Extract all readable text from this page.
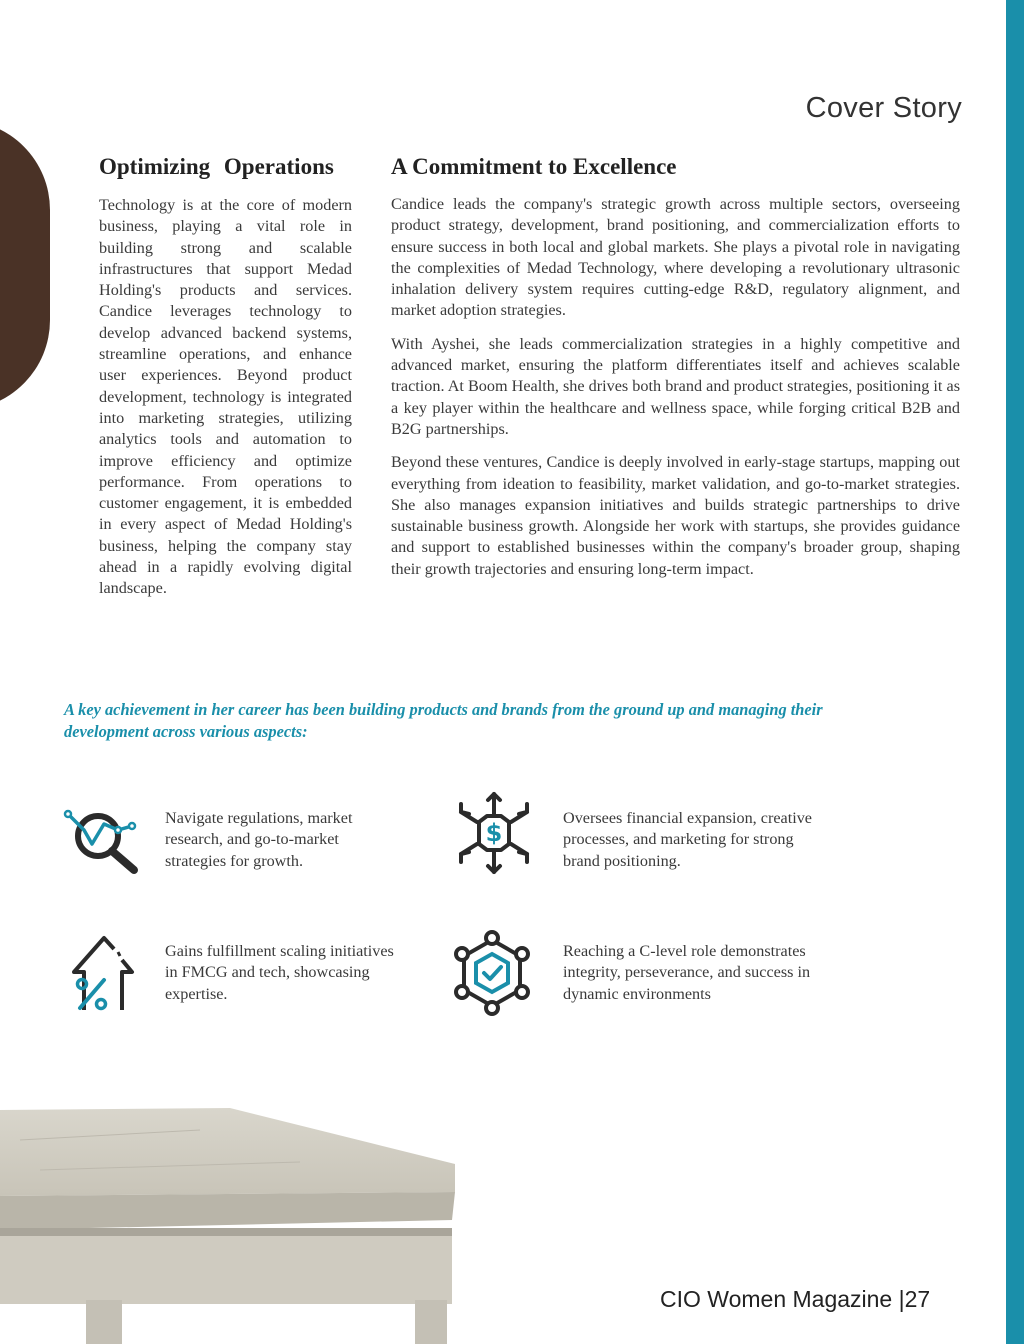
Cover Story
Optimizing Operations

Technology is at the core of modern business, playing a vital role in building strong and scalable infrastructures that support Medad Holding's products and services. Candice leverages technology to develop advanced backend systems, streamline operations, and enhance user experiences. Beyond product development, technology is integrated into marketing strategies, utilizing analytics tools and automation to improve efficiency and optimize performance. From operations to customer engagement, it is embedded in every aspect of Medad Holding's business, helping the company stay ahead in a rapidly evolving digital landscape.

A Commitment to Excellence

Candice leads the company's strategic growth across multiple sectors, overseeing product strategy, development, brand positioning, and commercialization efforts to ensure success in both local and global markets. She plays a pivotal role in navigating the complexities of Medad Technology, where developing a revolutionary ultrasonic inhalation delivery system requires cutting-edge R&D, regulatory alignment, and market adoption strategies.

With Ayshei, she leads commercialization strategies in a highly competitive and advanced market, ensuring the platform differentiates itself and achieves scalable traction. At Boom Health, she drives both brand and product strategies, positioning it as a key player within the healthcare and wellness space, while forging critical B2B and B2G partnerships.

Beyond these ventures, Candice is deeply involved in early-stage startups, mapping out everything from ideation to feasibility, market validation, and go-to-market strategies. She also manages expansion initiatives and builds strategic partnerships to drive sustainable business growth. Alongside her work with startups, she provides guidance and support to established businesses within the company's broader group, shaping their growth trajectories and ensuring long-term impact.

A key achievement in her career has been building products and brands from the ground up and managing their development across various aspects:
Navigate regulations, market research, and go-to-market strategies for growth.
$
Oversees financial expansion, creative processes, and marketing for strong brand positioning.
Gains fulfillment scaling initiatives in FMCG and tech, showcasing expertise.
Reaching a C-level role demonstrates integrity, perseverance, and success in dynamic environments
CIO Women Magazine |27
